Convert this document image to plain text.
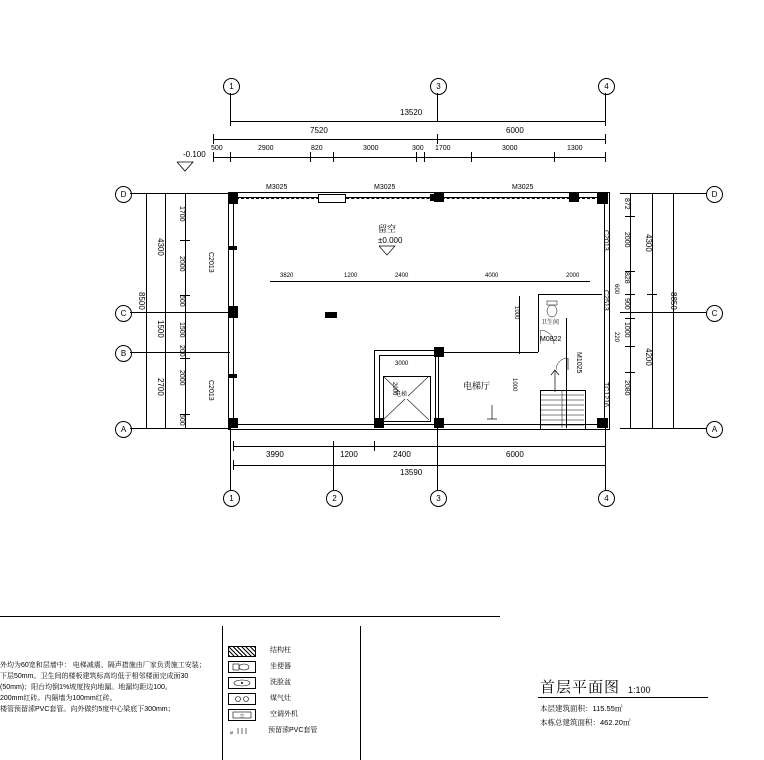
1	3	4
13520
7520	6000
500	2900	820	3000	300 1700	3000	1300
-0.100
D
C
B
A
8500
4300
1500
2700
1700
2000
600
1500
200
2000
500
D
C
A
872
2000
828
900
1000
2080
600
220
4300
4200
8850
电梯
卫生间
留空
±0.000
电梯厅
3820	1200	2400	4000	2000
1000
2000
3000
1000
M3025	M3025	M3025
C2013
C2013
C2013
C2513
M0822
M1025
TC1216
3990	1200	2400	6000
13590
1	2	3	4
外均为60宽和层墙中： 电梯减震、隔声措施由厂家负责施工安装；
下层50mm。卫生间的楼板建筑标高均低于相邻楼面完成面30
(50mm)；阳台均倒1%坡度按向地漏。地漏均距边100。
200mm红砖。内隔墙为100mm红砖。
楼管预留溹PVC套管。向外做约5度中心梁底下300mm；
结构柱
坐便器
洗脸盆
煤气灶
空	空调外机
⌀	预留溹PVC套管
首层平面图 1:100
本层建筑面积：115.55㎡
本栋总建筑面积：462.20㎡
